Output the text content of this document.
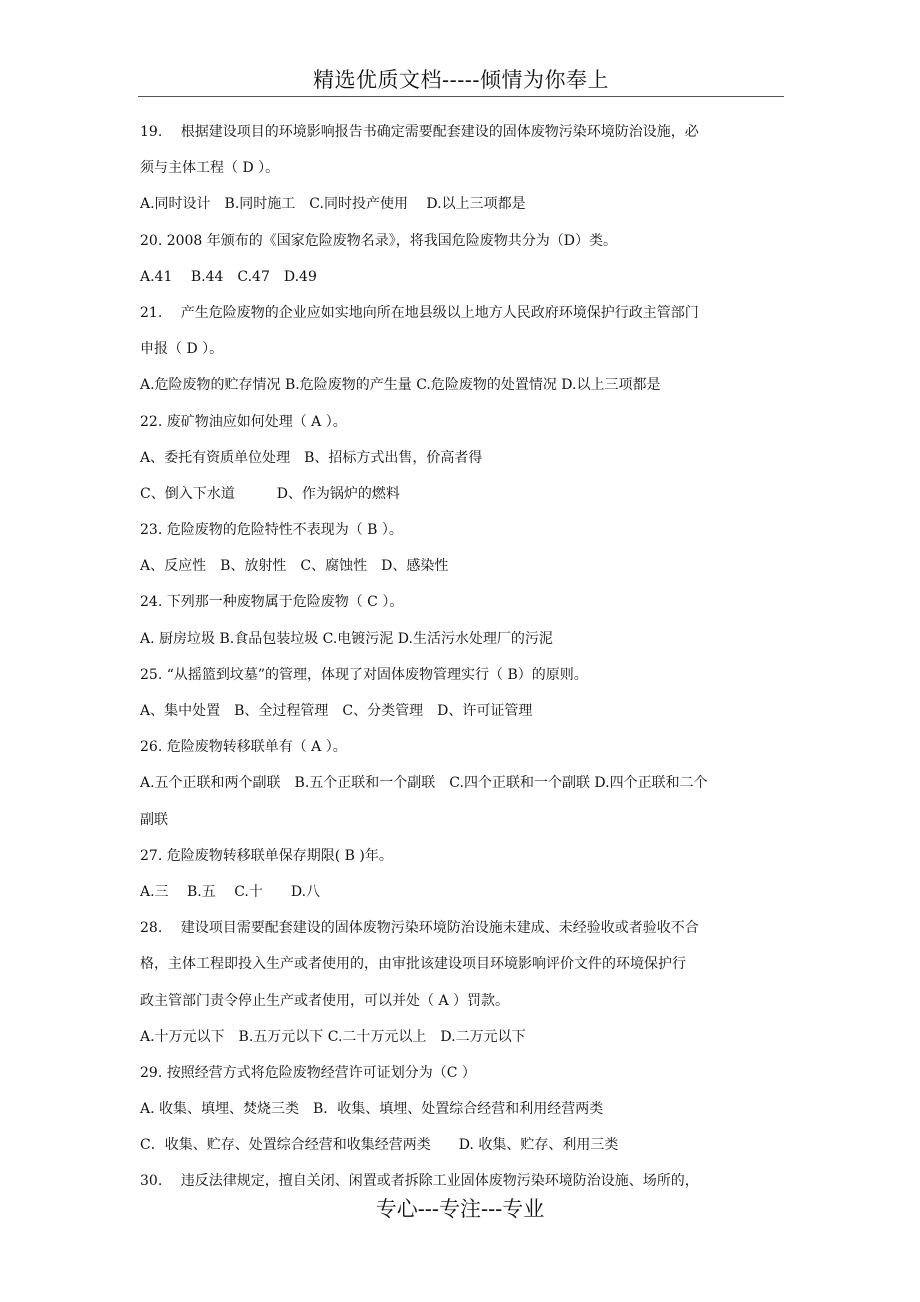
精选优质文档-----倾情为你奉上
19.　 根据建设项目的环境影响报告书确定需要配套建设的固体废物污染环境防治设施，必
须与主体工程（ D ）。
A.同时设计　B.同时施工　C.同时投产使用　 D.以上三项都是
20. 2008 年颁布的《国家危险废物名录》，将我国危险废物共分为（D）类。
A.41　 B.44　C.47　D.49
21.　 产生危险废物的企业应如实地向所在地县级以上地方人民政府环境保护行政主管部门
申报（ D ）。
A.危险废物的贮存情况 B.危险废物的产生量 C.危险废物的处置情况 D.以上三项都是
22. 废矿物油应如何处理（ A ）。
A、委托有资质单位处理　B、招标方式出售，价高者得
C、倒入下水道　　　D、作为锅炉的燃料
23. 危险废物的危险特性不表现为（ B ）。
A、反应性　B、放射性　C、腐蚀性　D、感染性
24. 下列那一种废物属于危险废物（ C ）。
A. 厨房垃圾 B.食品包装垃圾 C.电镀污泥 D.生活污水处理厂的污泥
25. “从摇篮到坟墓”的管理，体现了对固体废物管理实行（ B）的原则。
A、集中处置　B、全过程管理　C、分类管理　D、许可证管理
26. 危险废物转移联单有（ A ）。
A.五个正联和两个副联　B.五个正联和一个副联　C.四个正联和一个副联 D.四个正联和二个
副联
27. 危险废物转移联单保存期限( B )年。
A.三　 B.五　 C.十　　D.八
28.　 建设项目需要配套建设的固体废物污染环境防治设施未建成、未经验收或者验收不合
格，主体工程即投入生产或者使用的，由审批该建设项目环境影响评价文件的环境保护行
政主管部门责令停止生产或者使用，可以并处（ A ）罚款。
A.十万元以下　B.五万元以下 C.二十万元以上　D.二万元以下
29. 按照经营方式将危险废物经营许可证划分为（C ）
A. 收集、填埋、焚烧三类　B．收集、填埋、处置综合经营和利用经营两类
C．收集、贮存、处置综合经营和收集经营两类　　D. 收集、贮存、利用三类
30.　 违反法律规定，擅自关闭、闲置或者拆除工业固体废物污染环境防治设施、场所的，
专心---专注---专业
